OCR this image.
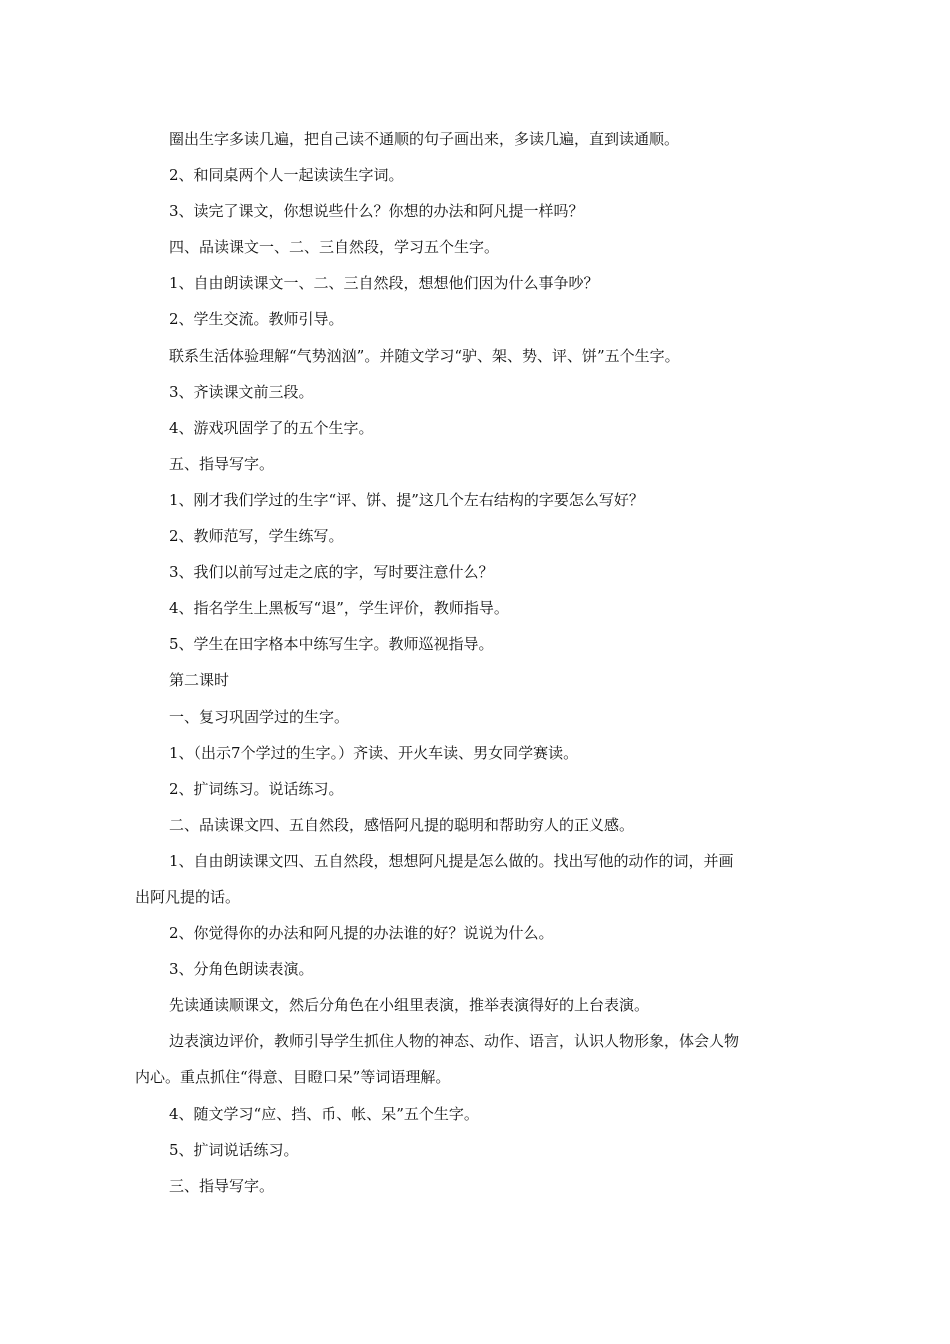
圈出生字多读几遍，把自己读不通顺的句子画出来，多读几遍，直到读通顺。
2、和同桌两个人一起读读生字词。
3、读完了课文，你想说些什么？你想的办法和阿凡提一样吗？
四、品读课文一、二、三自然段，学习五个生字。
1、自由朗读课文一、二、三自然段，想想他们因为什么事争吵？
2、学生交流。教师引导。
联系生活体验理解“气势汹汹”。并随文学习“驴、架、势、评、饼”五个生字。
3、齐读课文前三段。
4、游戏巩固学了的五个生字。
五、指导写字。
1、刚才我们学过的生字“评、饼、提”这几个左右结构的字要怎么写好？
2、教师范写，学生练写。
3、我们以前写过走之底的字，写时要注意什么？
4、指名学生上黑板写“退”，学生评价，教师指导。
5、学生在田字格本中练写生字。教师巡视指导。
第二课时
一、复习巩固学过的生字。
1、（出示7个学过的生字。）齐读、开火车读、男女同学赛读。
2、扩词练习。说话练习。
二、品读课文四、五自然段，感悟阿凡提的聪明和帮助穷人的正义感。
1、自由朗读课文四、五自然段，想想阿凡提是怎么做的。找出写他的动作的词，并画
出阿凡提的话。
2、你觉得你的办法和阿凡提的办法谁的好？说说为什么。
3、分角色朗读表演。
先读通读顺课文，然后分角色在小组里表演，推举表演得好的上台表演。
边表演边评价，教师引导学生抓住人物的神态、动作、语言，认识人物形象，体会人物
内心。重点抓住“得意、目瞪口呆”等词语理解。
4、随文学习“应、挡、币、帐、呆”五个生字。
5、扩词说话练习。
三、指导写字。
